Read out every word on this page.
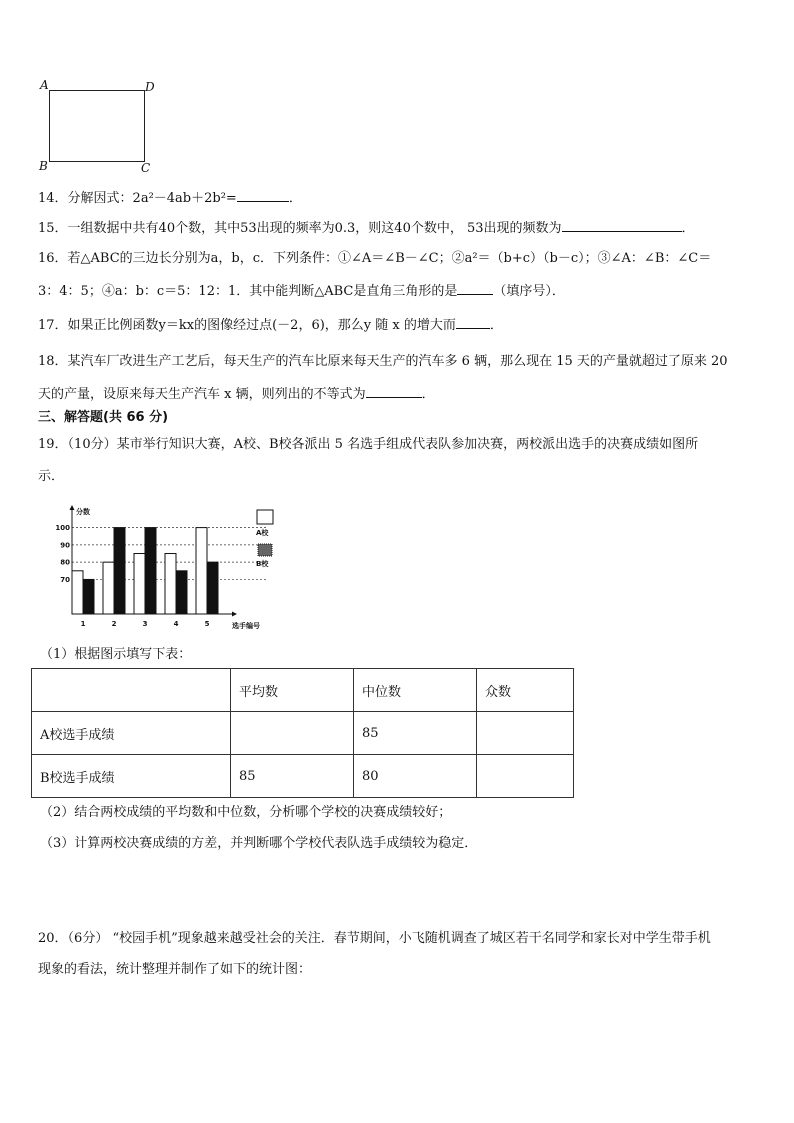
A	D
B	C
14．分解因式：2a²－4ab＋2b²=	．
15．一组数据中共有40个数，其中53出现的频率为0.3，则这40个数中， 53出现的频数为	．
16．若△ABC的三边长分别为a，b，c．下列条件：①∠A＝∠B－∠C；②a²＝（b+c）（b－c）；③∠A：∠B：∠C＝
3：4：5；④a：b：c＝5：12：1．其中能判断△ABC是直角三角形的是	（填序号）．
17．如果正比例函数y＝kx的图像经过点(－2，6)，那么y 随 x 的增大而	．
18．某汽车厂改进生产工艺后，每天生产的汽车比原来每天生产的汽车多 6 辆，那么现在 15 天的产量就超过了原来 20
天的产量，设原来每天生产汽车 x 辆，则列出的不等式为	．
三、解答题(共 66 分)
19．（10分）某市举行知识大赛，A校、B校各派出 5 名选手组成代表队参加决赛，两校派出选手的决赛成绩如图所
示．
70
80
90
100
分数
选手编号
1	2	3	4	5
A校
B校
（1）根据图示填写下表：
	平均数	中位数	众数
A校选手成绩		85	
B校选手成绩	85	80	
（2）结合两校成绩的平均数和中位数，分析哪个学校的决赛成绩较好；
（3）计算两校决赛成绩的方差，并判断哪个学校代表队选手成绩较为稳定．
20．（6分） “校园手机”现象越来越受社会的关注．春节期间，小飞随机调查了城区若干名同学和家长对中学生带手机
现象的看法，统计整理并制作了如下的统计图：
